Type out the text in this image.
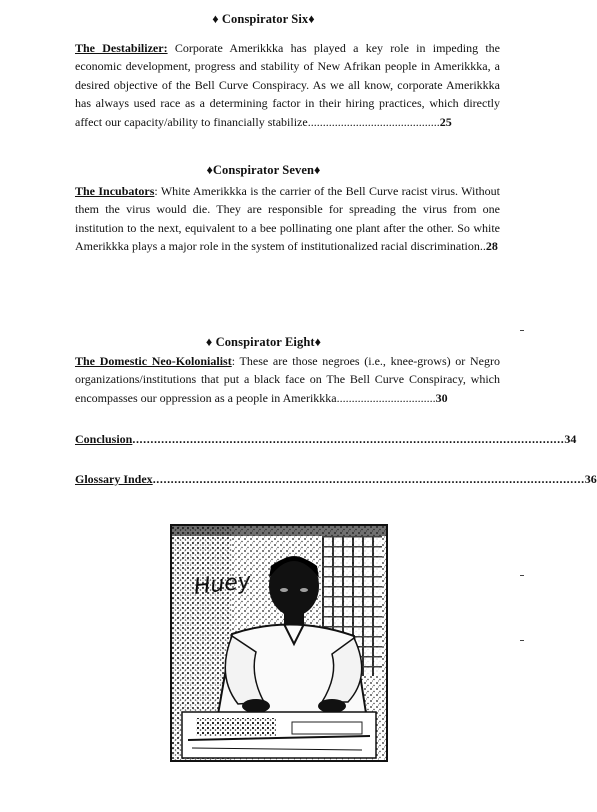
♦ Conspirator Six♦
The Destabilizer: Corporate Amerikkka has played a key role in impeding the economic development, progress and stability of New Afrikan people in Amerikkka, a desired objective of the Bell Curve Conspiracy. As we all know, corporate Amerikkka has always used race as a determining factor in their hiring practices, which directly affect our capacity/ability to financially stabilize............................................25
♦Conspirator Seven♦
The Incubators: White Amerikkka is the carrier of the Bell Curve racist virus. Without them the virus would die. They are responsible for spreading the virus from one institution to the next, equivalent to a bee pollinating one plant after the other. So white Amerikkka plays a major role in the system of institutionalized racial discrimination..28
♦ Conspirator Eight♦
The Domestic Neo-Kolonialist: These are those negroes (i.e., knee-grows) or Negro organizations/institutions that put a black face on The Bell Curve Conspiracy, which encompasses our oppression as a people in Amerikkka.................................30
Conclusion ........................................................................................................................ 34
Glossary Index ........................................................................................................................ 36
Huey
